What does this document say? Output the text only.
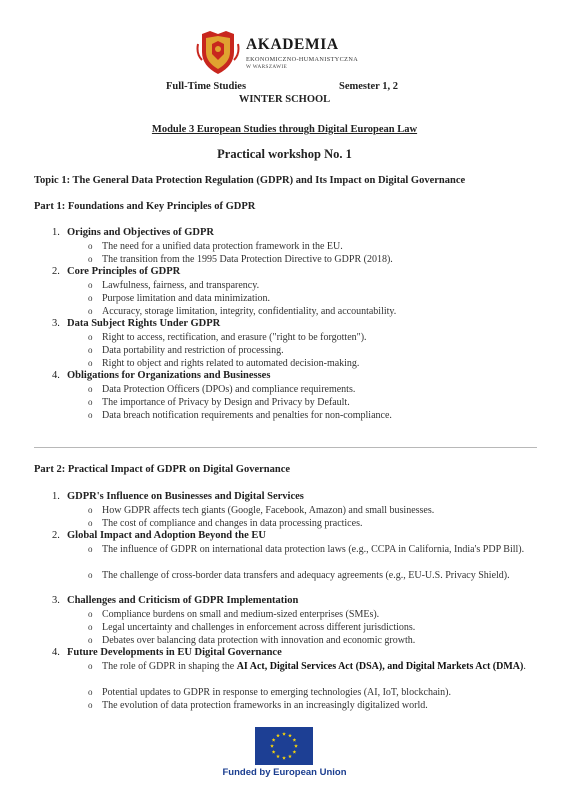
AKADEMIA
EKONOMICZNO-HUMANISTYCZNA
W WARSZAWIE
Full-Time Studies	Semester 1, 2
WINTER SCHOOL
Module 3 European Studies through Digital European Law
Practical workshop No. 1
Topic 1: The General Data Protection Regulation (GDPR) and Its Impact on Digital Governance
Part 1: Foundations and Key Principles of GDPR
1. Origins and Objectives of GDPR
o The need for a unified data protection framework in the EU.
o The transition from the 1995 Data Protection Directive to GDPR (2018).
2. Core Principles of GDPR
o Lawfulness, fairness, and transparency.
o Purpose limitation and data minimization.
o Accuracy, storage limitation, integrity, confidentiality, and accountability.
3. Data Subject Rights Under GDPR
o Right to access, rectification, and erasure ("right to be forgotten").
o Data portability and restriction of processing.
o Right to object and rights related to automated decision-making.
4. Obligations for Organizations and Businesses
o Data Protection Officers (DPOs) and compliance requirements.
o The importance of Privacy by Design and Privacy by Default.
o Data breach notification requirements and penalties for non-compliance.
Part 2: Practical Impact of GDPR on Digital Governance
1. GDPR's Influence on Businesses and Digital Services
o How GDPR affects tech giants (Google, Facebook, Amazon) and small businesses.
o The cost of compliance and changes in data processing practices.
2. Global Impact and Adoption Beyond the EU
o The influence of GDPR on international data protection laws (e.g., CCPA in California, India's PDP Bill).
o The challenge of cross-border data transfers and adequacy agreements (e.g., EU-U.S. Privacy Shield).
3. Challenges and Criticism of GDPR Implementation
o Compliance burdens on small and medium-sized enterprises (SMEs).
o Legal uncertainty and challenges in enforcement across different jurisdictions.
o Debates over balancing data protection with innovation and economic growth.
4. Future Developments in EU Digital Governance
o The role of GDPR in shaping the AI Act, Digital Services Act (DSA), and Digital Markets Act (DMA).
o Potential updates to GDPR in response to emerging technologies (AI, IoT, blockchain).
o The evolution of data protection frameworks in an increasingly digitalized world.
Funded by European Union
